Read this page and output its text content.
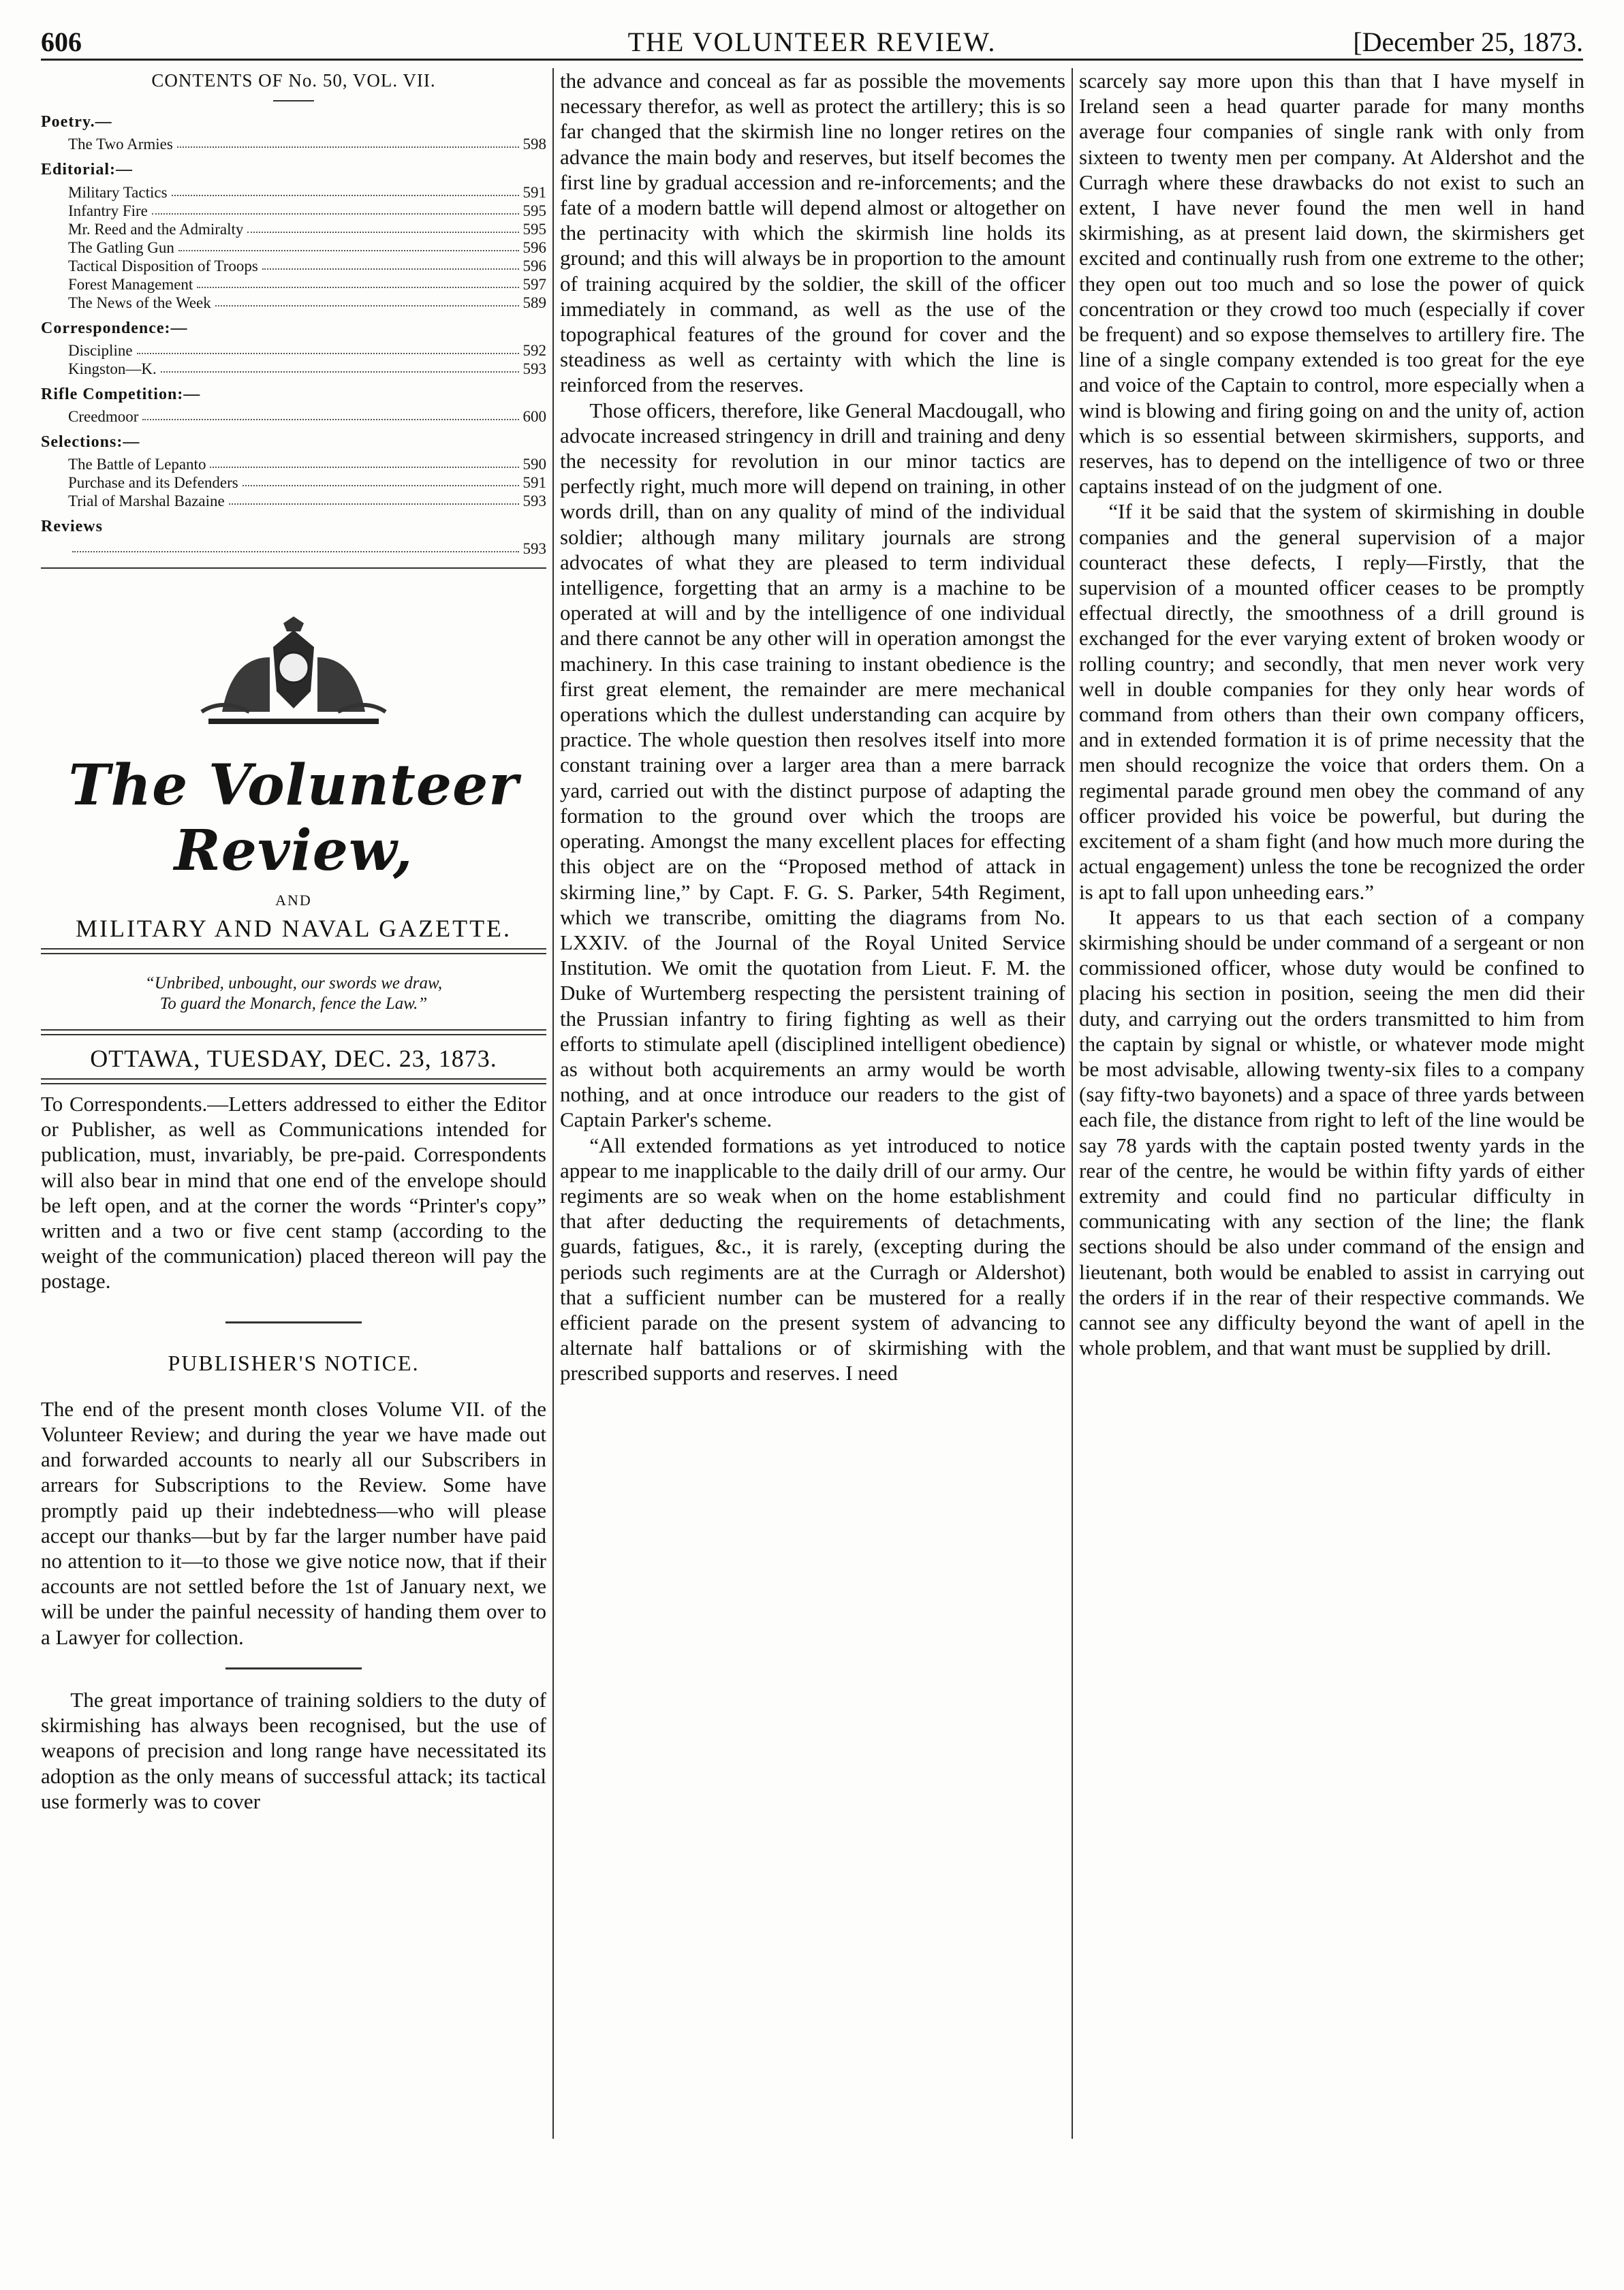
606	THE VOLUNTEER REVIEW.	[December 25, 1873.
CONTENTS OF No. 50, VOL. VII.
Poetry.—
The Two Armies	598
Editorial:—
Military Tactics	591
Infantry Fire	595
Mr. Reed and the Admiralty	595
The Gatling Gun	596
Tactical Disposition of Troops	596
Forest Management	597
The News of the Week	589
Correspondence:—
Discipline	592
Kingston—K.	593
Rifle Competition:—
Creedmoor	600
Selections:—
The Battle of Lepanto	590
Purchase and its Defenders	591
Trial of Marshal Bazaine	593
Reviews
593
The Volunteer Review,
AND
MILITARY AND NAVAL GAZETTE.
“Unbribed, unbought, our swords we draw,
To guard the Monarch, fence the Law.”
OTTAWA, TUESDAY, DEC. 23, 1873.

To Correspondents.—Letters addressed to either the Editor or Publisher, as well as Communications intended for publication, must, invariably, be pre-paid. Correspondents will also bear in mind that one end of the envelope should be left open, and at the corner the words “Printer's copy” written and a two or five cent stamp (according to the weight of the communication) placed thereon will pay the postage.

PUBLISHER'S NOTICE.

The end of the present month closes Volume VII. of the Volunteer Review; and during the year we have made out and forwarded accounts to nearly all our Subscribers in arrears for Subscriptions to the Review. Some have promptly paid up their indebtedness—who will please accept our thanks—but by far the larger number have paid no attention to it—to those we give notice now, that if their accounts are not settled before the 1st of January next, we will be under the painful necessity of handing them over to a Lawyer for collection.

The great importance of training soldiers to the duty of skirmishing has always been recognised, but the use of weapons of precision and long range have necessitated its adoption as the only means of successful attack; its tactical use formerly was to cover

the advance and conceal as far as possible the movements necessary therefor, as well as protect the artillery; this is so far changed that the skirmish line no longer retires on the advance the main body and reserves, but itself becomes the first line by gradual accession and re-inforcements; and the fate of a modern battle will depend almost or altogether on the pertinacity with which the skirmish line holds its ground; and this will always be in proportion to the amount of training acquired by the soldier, the skill of the officer immediately in command, as well as the use of the topographical features of the ground for cover and the steadiness as well as certainty with which the line is reinforced from the reserves.

Those officers, therefore, like General Macdougall, who advocate increased stringency in drill and training and deny the necessity for revolution in our minor tactics are perfectly right, much more will depend on training, in other words drill, than on any quality of mind of the individual soldier; although many military journals are strong advocates of what they are pleased to term individual intelligence, forgetting that an army is a machine to be operated at will and by the intelligence of one individual and there cannot be any other will in operation amongst the machinery. In this case training to instant obedience is the first great element, the remainder are mere mechanical operations which the dullest understanding can acquire by practice. The whole question then resolves itself into more constant training over a larger area than a mere barrack yard, carried out with the distinct purpose of adapting the formation to the ground over which the troops are operating. Amongst the many excellent places for effecting this object are on the “Proposed method of attack in skirming line,” by Capt. F. G. S. Parker, 54th Regiment, which we transcribe, omitting the diagrams from No. LXXIV. of the Journal of the Royal United Service Institution. We omit the quotation from Lieut. F. M. the Duke of Wurtemberg respecting the persistent training of the Prussian infantry to firing fighting as well as their efforts to stimulate apell (disciplined intelligent obedience) as without both acquirements an army would be worth nothing, and at once introduce our readers to the gist of Captain Parker's scheme.

“All extended formations as yet introduced to notice appear to me inapplicable to the daily drill of our army. Our regiments are so weak when on the home establishment that after deducting the requirements of detachments, guards, fatigues, &c., it is rarely, (excepting during the periods such regiments are at the Curragh or Aldershot) that a sufficient number can be mustered for a really efficient parade on the present system of advancing to alternate half battalions or of skirmishing with the prescribed supports and reserves. I need

scarcely say more upon this than that I have myself in Ireland seen a head quarter parade for many months average four companies of single rank with only from sixteen to twenty men per company. At Aldershot and the Curragh where these drawbacks do not exist to such an extent, I have never found the men well in hand skirmishing, as at present laid down, the skirmishers get excited and continually rush from one extreme to the other; they open out too much and so lose the power of quick concentration or they crowd too much (especially if cover be frequent) and so expose themselves to artillery fire. The line of a single company extended is too great for the eye and voice of the Captain to control, more especially when a wind is blowing and firing going on and the unity of, action which is so essential between skirmishers, supports, and reserves, has to depend on the intelligence of two or three captains instead of on the judgment of one.

“If it be said that the system of skirmishing in double companies and the general supervision of a major counteract these defects, I reply—Firstly, that the supervision of a mounted officer ceases to be promptly effectual directly, the smoothness of a drill ground is exchanged for the ever varying extent of broken woody or rolling country; and secondly, that men never work very well in double companies for they only hear words of command from others than their own company officers, and in extended formation it is of prime necessity that the men should recognize the voice that orders them. On a regimental parade ground men obey the command of any officer provided his voice be powerful, but during the excitement of a sham fight (and how much more during the actual engagement) unless the tone be recognized the order is apt to fall upon unheeding ears.”

It appears to us that each section of a company skirmishing should be under command of a sergeant or non commissioned officer, whose duty would be confined to placing his section in position, seeing the men did their duty, and carrying out the orders transmitted to him from the captain by signal or whistle, or whatever mode might be most advisable, allowing twenty-six files to a company (say fifty-two bayonets) and a space of three yards between each file, the distance from right to left of the line would be say 78 yards with the captain posted twenty yards in the rear of the centre, he would be within fifty yards of either extremity and could find no particular difficulty in communicating with any section of the line; the flank sections should be also under command of the ensign and lieutenant, both would be enabled to assist in carrying out the orders if in the rear of their respective commands. We cannot see any difficulty beyond the want of apell in the whole problem, and that want must be supplied by drill.
